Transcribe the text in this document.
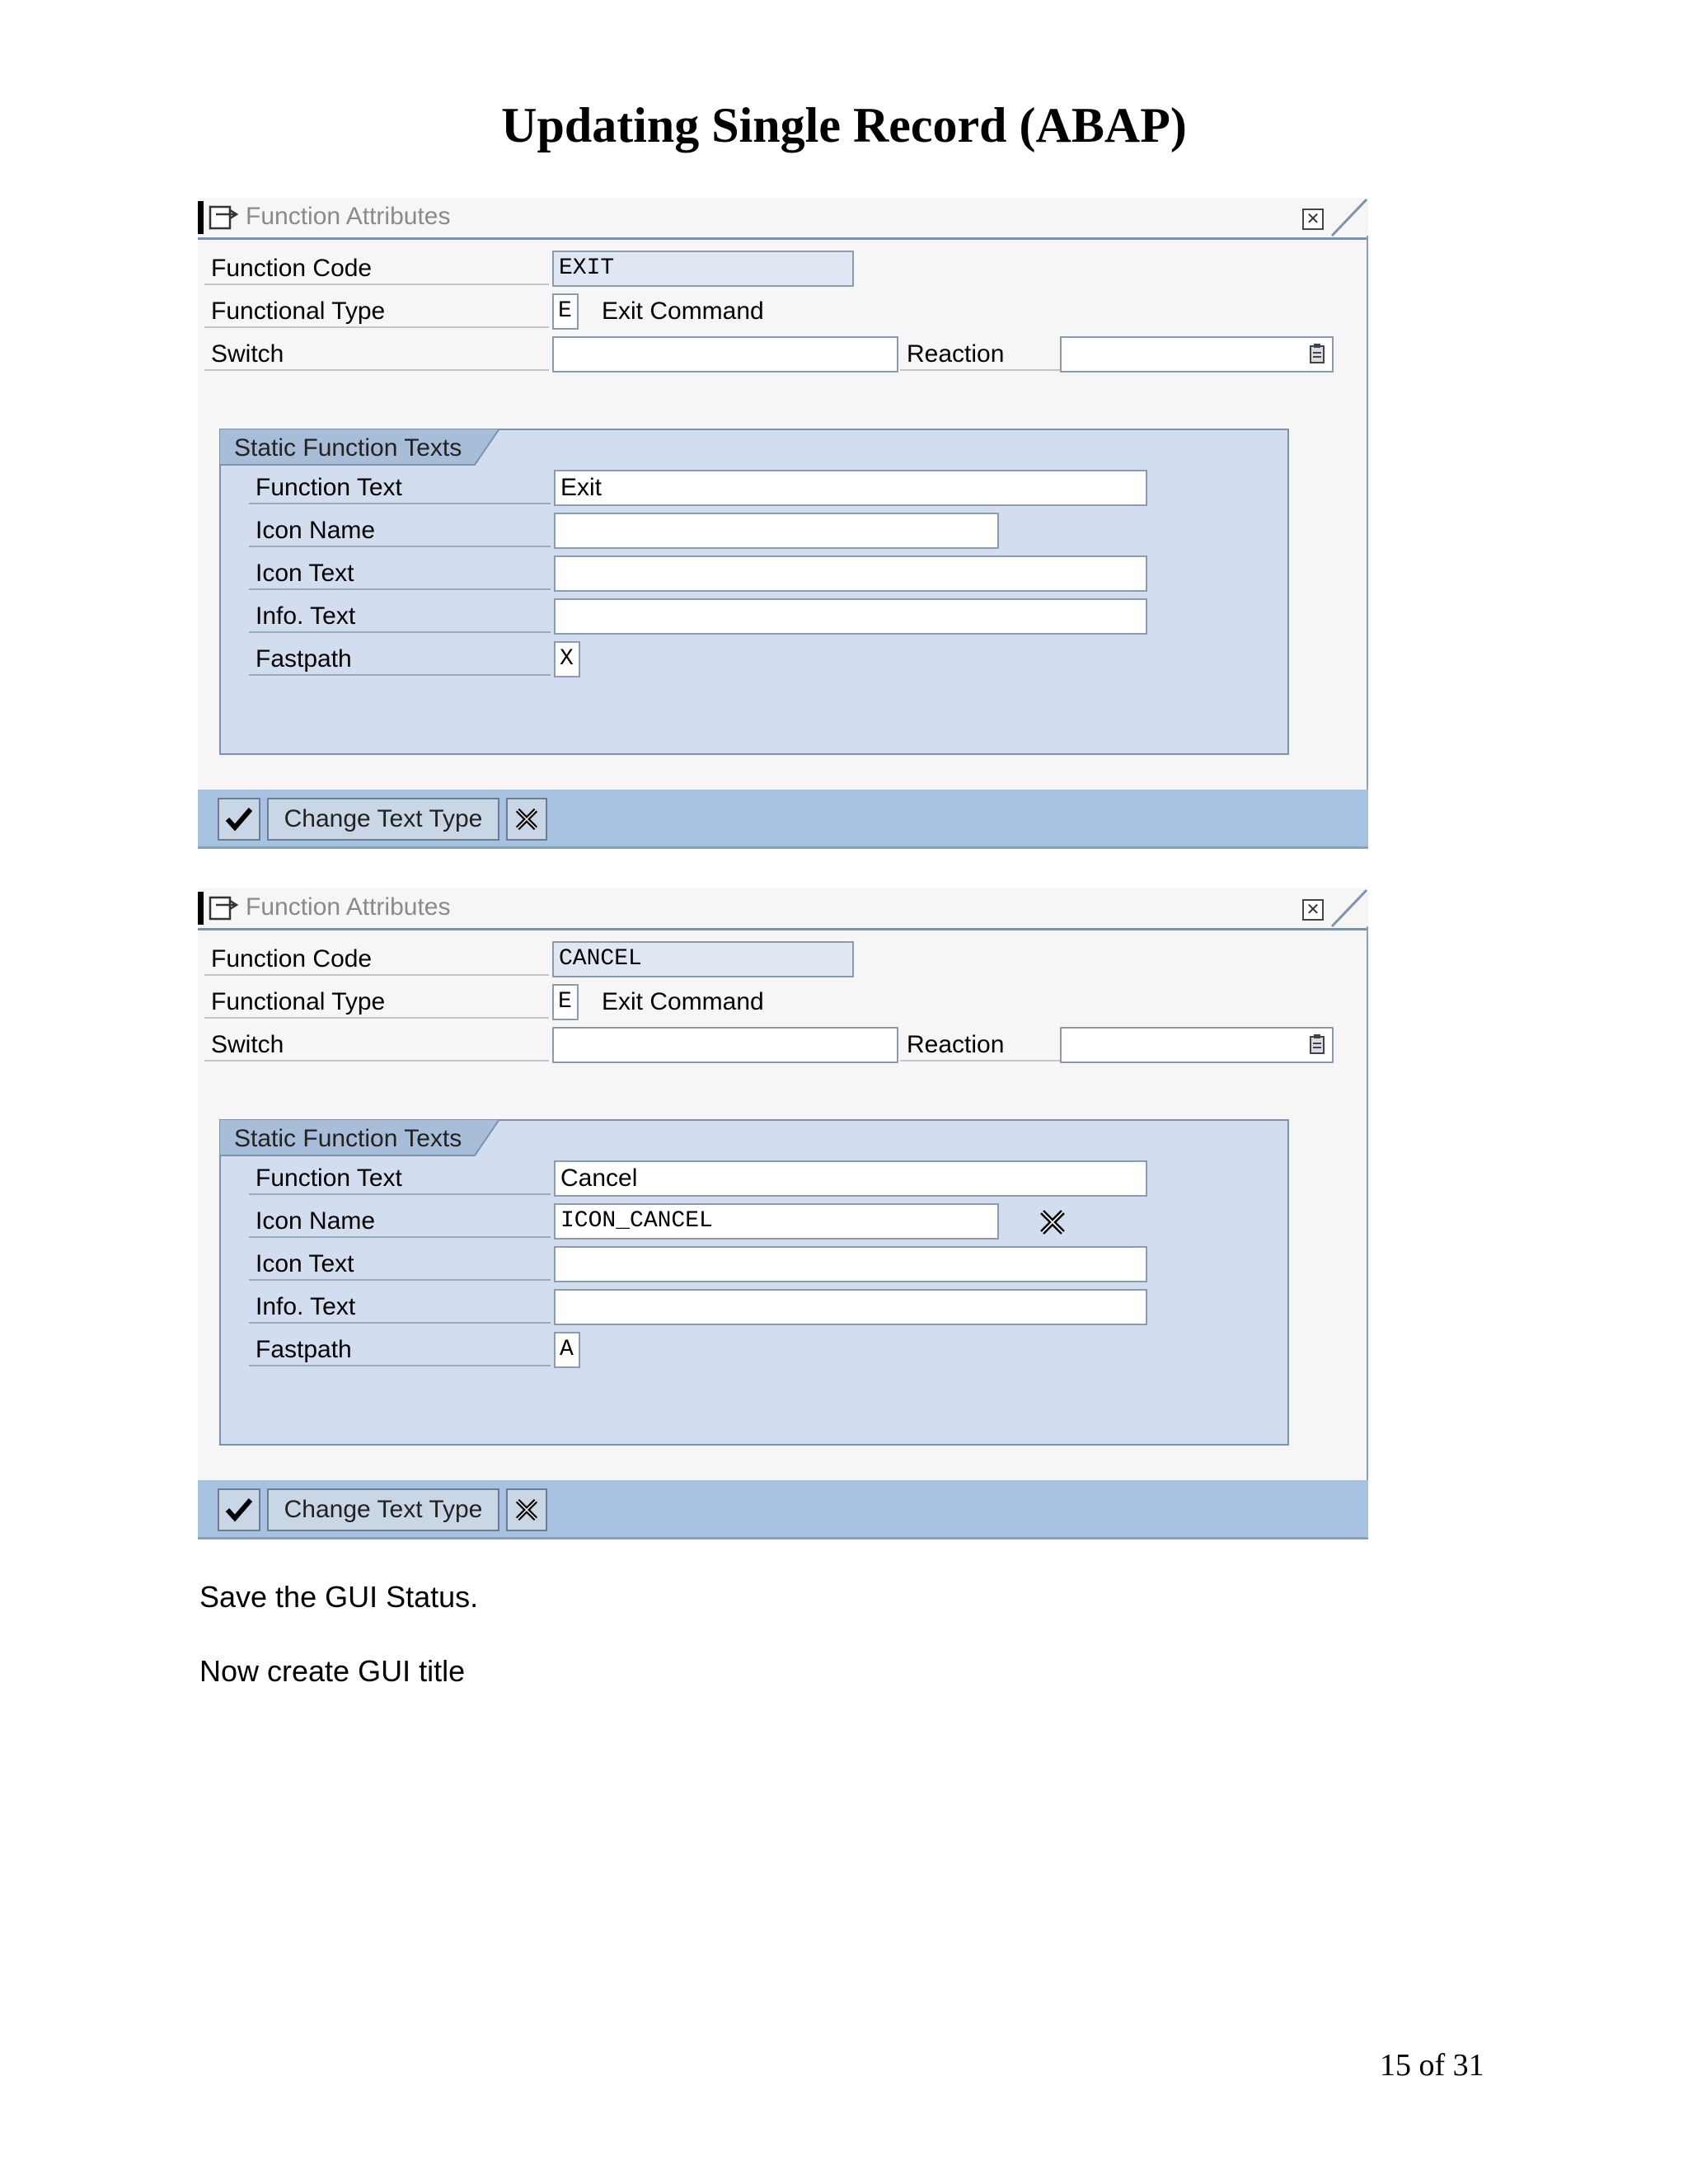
Updating Single Record (ABAP)
Function Attributes	✕
Function Code	EXIT
Functional Type	E Exit Command
Switch	Reaction
Static Function Texts
Function Text	Exit
Icon Name
Icon Text
Info. Text
Fastpath	X
Change Text Type
Function Attributes	✕
Function Code	CANCEL
Functional Type	E Exit Command
Switch	Reaction
Static Function Texts
Function Text	Cancel
Icon Name	ICON_CANCEL
Icon Text
Info. Text
Fastpath	A
Change Text Type
Save the GUI Status.
Now create GUI title
15 of 31
